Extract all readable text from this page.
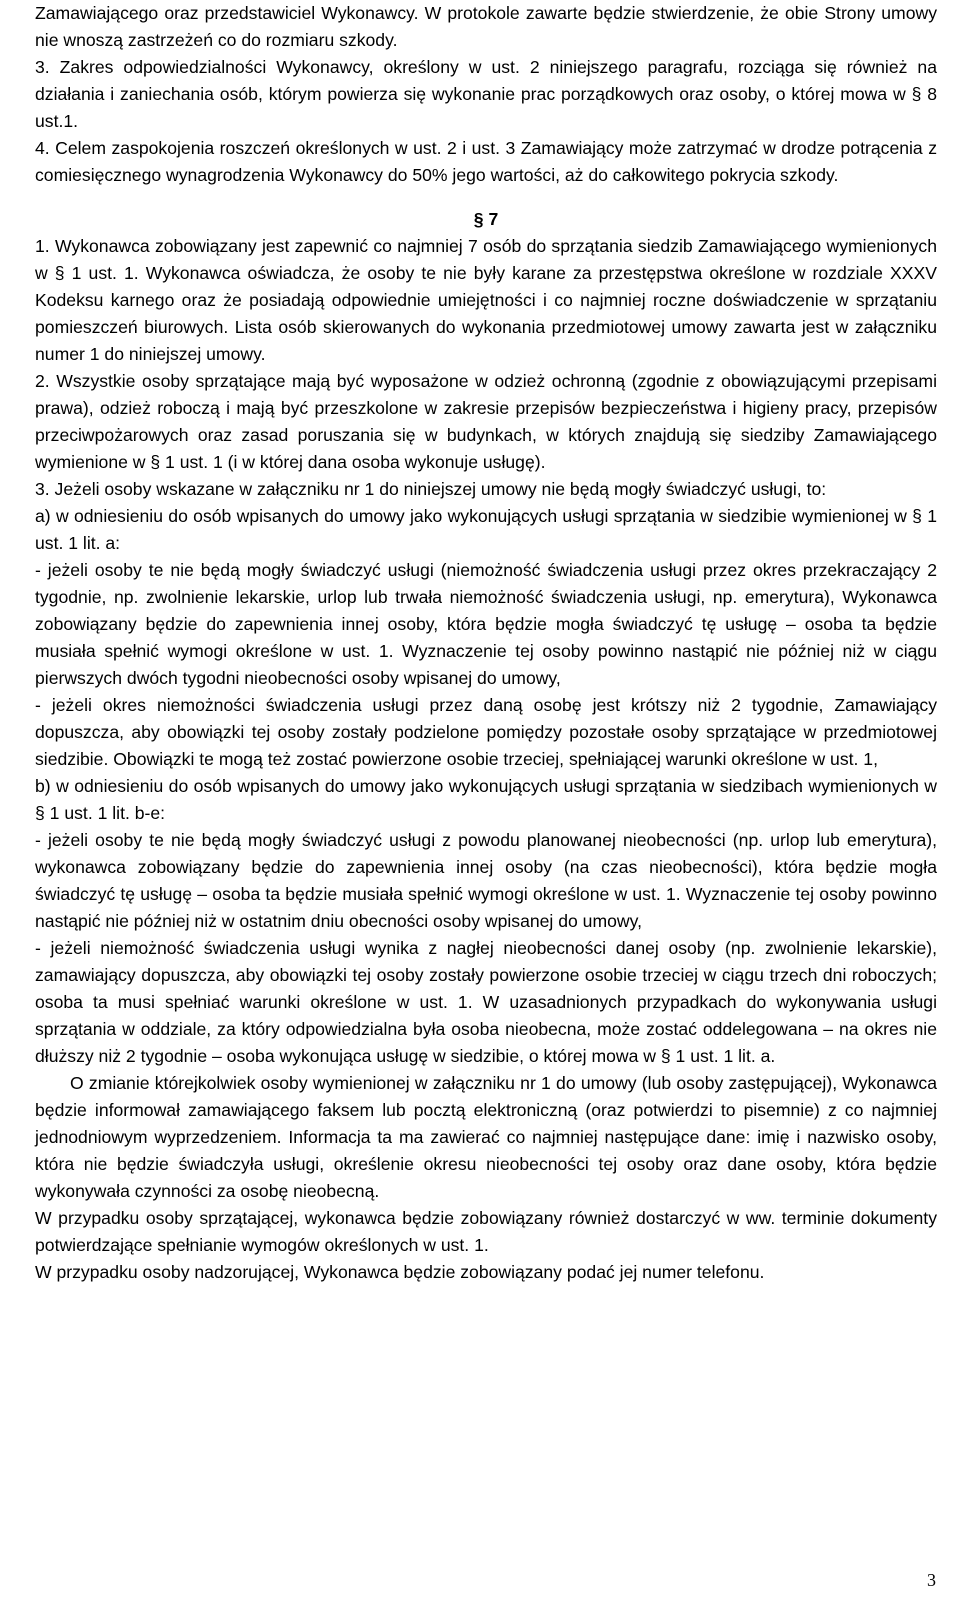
Zamawiającego oraz przedstawiciel Wykonawcy. W protokole zawarte będzie stwierdzenie, że obie Strony umowy nie wnoszą zastrzeżeń co do rozmiaru szkody.

3. Zakres odpowiedzialności Wykonawcy, określony w ust. 2 niniejszego paragrafu, rozciąga się również na działania i zaniechania osób, którym powierza się wykonanie prac porządkowych oraz osoby, o której mowa w § 8 ust.1.

4. Celem zaspokojenia roszczeń określonych w ust. 2 i ust. 3 Zamawiający może zatrzymać w drodze potrącenia z comiesięcznego wynagrodzenia Wykonawcy do 50% jego wartości, aż do całkowitego pokrycia szkody.

§ 7

1. Wykonawca zobowiązany jest zapewnić co najmniej 7 osób do sprzątania siedzib Zamawiającego wymienionych w § 1 ust. 1. Wykonawca oświadcza, że osoby te nie były karane za przestępstwa określone w rozdziale XXXV Kodeksu karnego oraz że posiadają odpowiednie umiejętności i co najmniej roczne doświadczenie w sprzątaniu pomieszczeń biurowych. Lista osób skierowanych do wykonania przedmiotowej umowy zawarta jest w załączniku numer 1 do niniejszej umowy.

2. Wszystkie osoby sprzątające mają być wyposażone w odzież ochronną (zgodnie z obowiązującymi przepisami prawa), odzież roboczą i mają być przeszkolone w zakresie przepisów bezpieczeństwa i higieny pracy, przepisów przeciwpożarowych oraz zasad poruszania się w budynkach, w których znajdują się siedziby Zamawiającego wymienione w § 1 ust. 1 (i w której dana osoba wykonuje usługę).

3. Jeżeli osoby wskazane w załączniku nr 1 do niniejszej umowy nie będą mogły świadczyć usługi, to:

a) w odniesieniu do osób wpisanych do umowy jako wykonujących usługi sprzątania w siedzibie wymienionej w § 1 ust. 1 lit. a:

- jeżeli osoby te nie będą mogły świadczyć usługi (niemożność świadczenia usługi przez okres przekraczający 2 tygodnie, np. zwolnienie lekarskie, urlop lub trwała niemożność świadczenia usługi, np. emerytura), Wykonawca zobowiązany będzie do zapewnienia innej osoby, która będzie mogła świadczyć tę usługę – osoba ta będzie musiała spełnić wymogi określone w ust. 1. Wyznaczenie tej osoby powinno nastąpić nie później niż w ciągu pierwszych dwóch tygodni nieobecności osoby wpisanej do umowy,

- jeżeli okres niemożności świadczenia usługi przez daną osobę jest krótszy niż 2 tygodnie, Zamawiający dopuszcza, aby obowiązki tej osoby zostały podzielone pomiędzy pozostałe osoby sprzątające w przedmiotowej siedzibie. Obowiązki te mogą też zostać powierzone osobie trzeciej, spełniającej warunki określone w ust. 1,

b) w odniesieniu do osób wpisanych do umowy jako wykonujących usługi sprzątania w siedzibach wymienionych w § 1 ust. 1 lit. b-e:

- jeżeli osoby te nie będą mogły świadczyć usługi z powodu planowanej nieobecności (np. urlop lub emerytura), wykonawca zobowiązany będzie do zapewnienia innej osoby (na czas nieobecności), która będzie mogła świadczyć tę usługę – osoba ta będzie musiała spełnić wymogi określone w ust. 1. Wyznaczenie tej osoby powinno nastąpić nie później niż w ostatnim dniu obecności osoby wpisanej do umowy,

- jeżeli niemożność świadczenia usługi wynika z nagłej nieobecności danej osoby (np. zwolnienie lekarskie), zamawiający dopuszcza, aby obowiązki tej osoby zostały powierzone osobie trzeciej w ciągu trzech dni roboczych; osoba ta musi spełniać warunki określone w ust. 1. W uzasadnionych przypadkach do wykonywania usługi sprzątania w oddziale, za który odpowiedzialna była osoba nieobecna, może zostać oddelegowana – na okres nie dłuższy niż 2 tygodnie – osoba wykonująca usługę w siedzibie, o której mowa w § 1 ust. 1 lit. a.

O zmianie którejkolwiek osoby wymienionej w załączniku nr 1 do umowy (lub osoby zastępującej), Wykonawca będzie informował zamawiającego faksem lub pocztą elektroniczną (oraz potwierdzi to pisemnie) z co najmniej jednodniowym wyprzedzeniem. Informacja ta ma zawierać co najmniej następujące dane: imię i nazwisko osoby, która nie będzie świadczyła usługi, określenie okresu nieobecności tej osoby oraz dane osoby, która będzie wykonywała czynności za osobę nieobecną.

W przypadku osoby sprzątającej, wykonawca będzie zobowiązany również dostarczyć w ww. terminie dokumenty potwierdzające spełnianie wymogów określonych w ust. 1.

W przypadku osoby nadzorującej, Wykonawca będzie zobowiązany podać jej numer telefonu.

3
